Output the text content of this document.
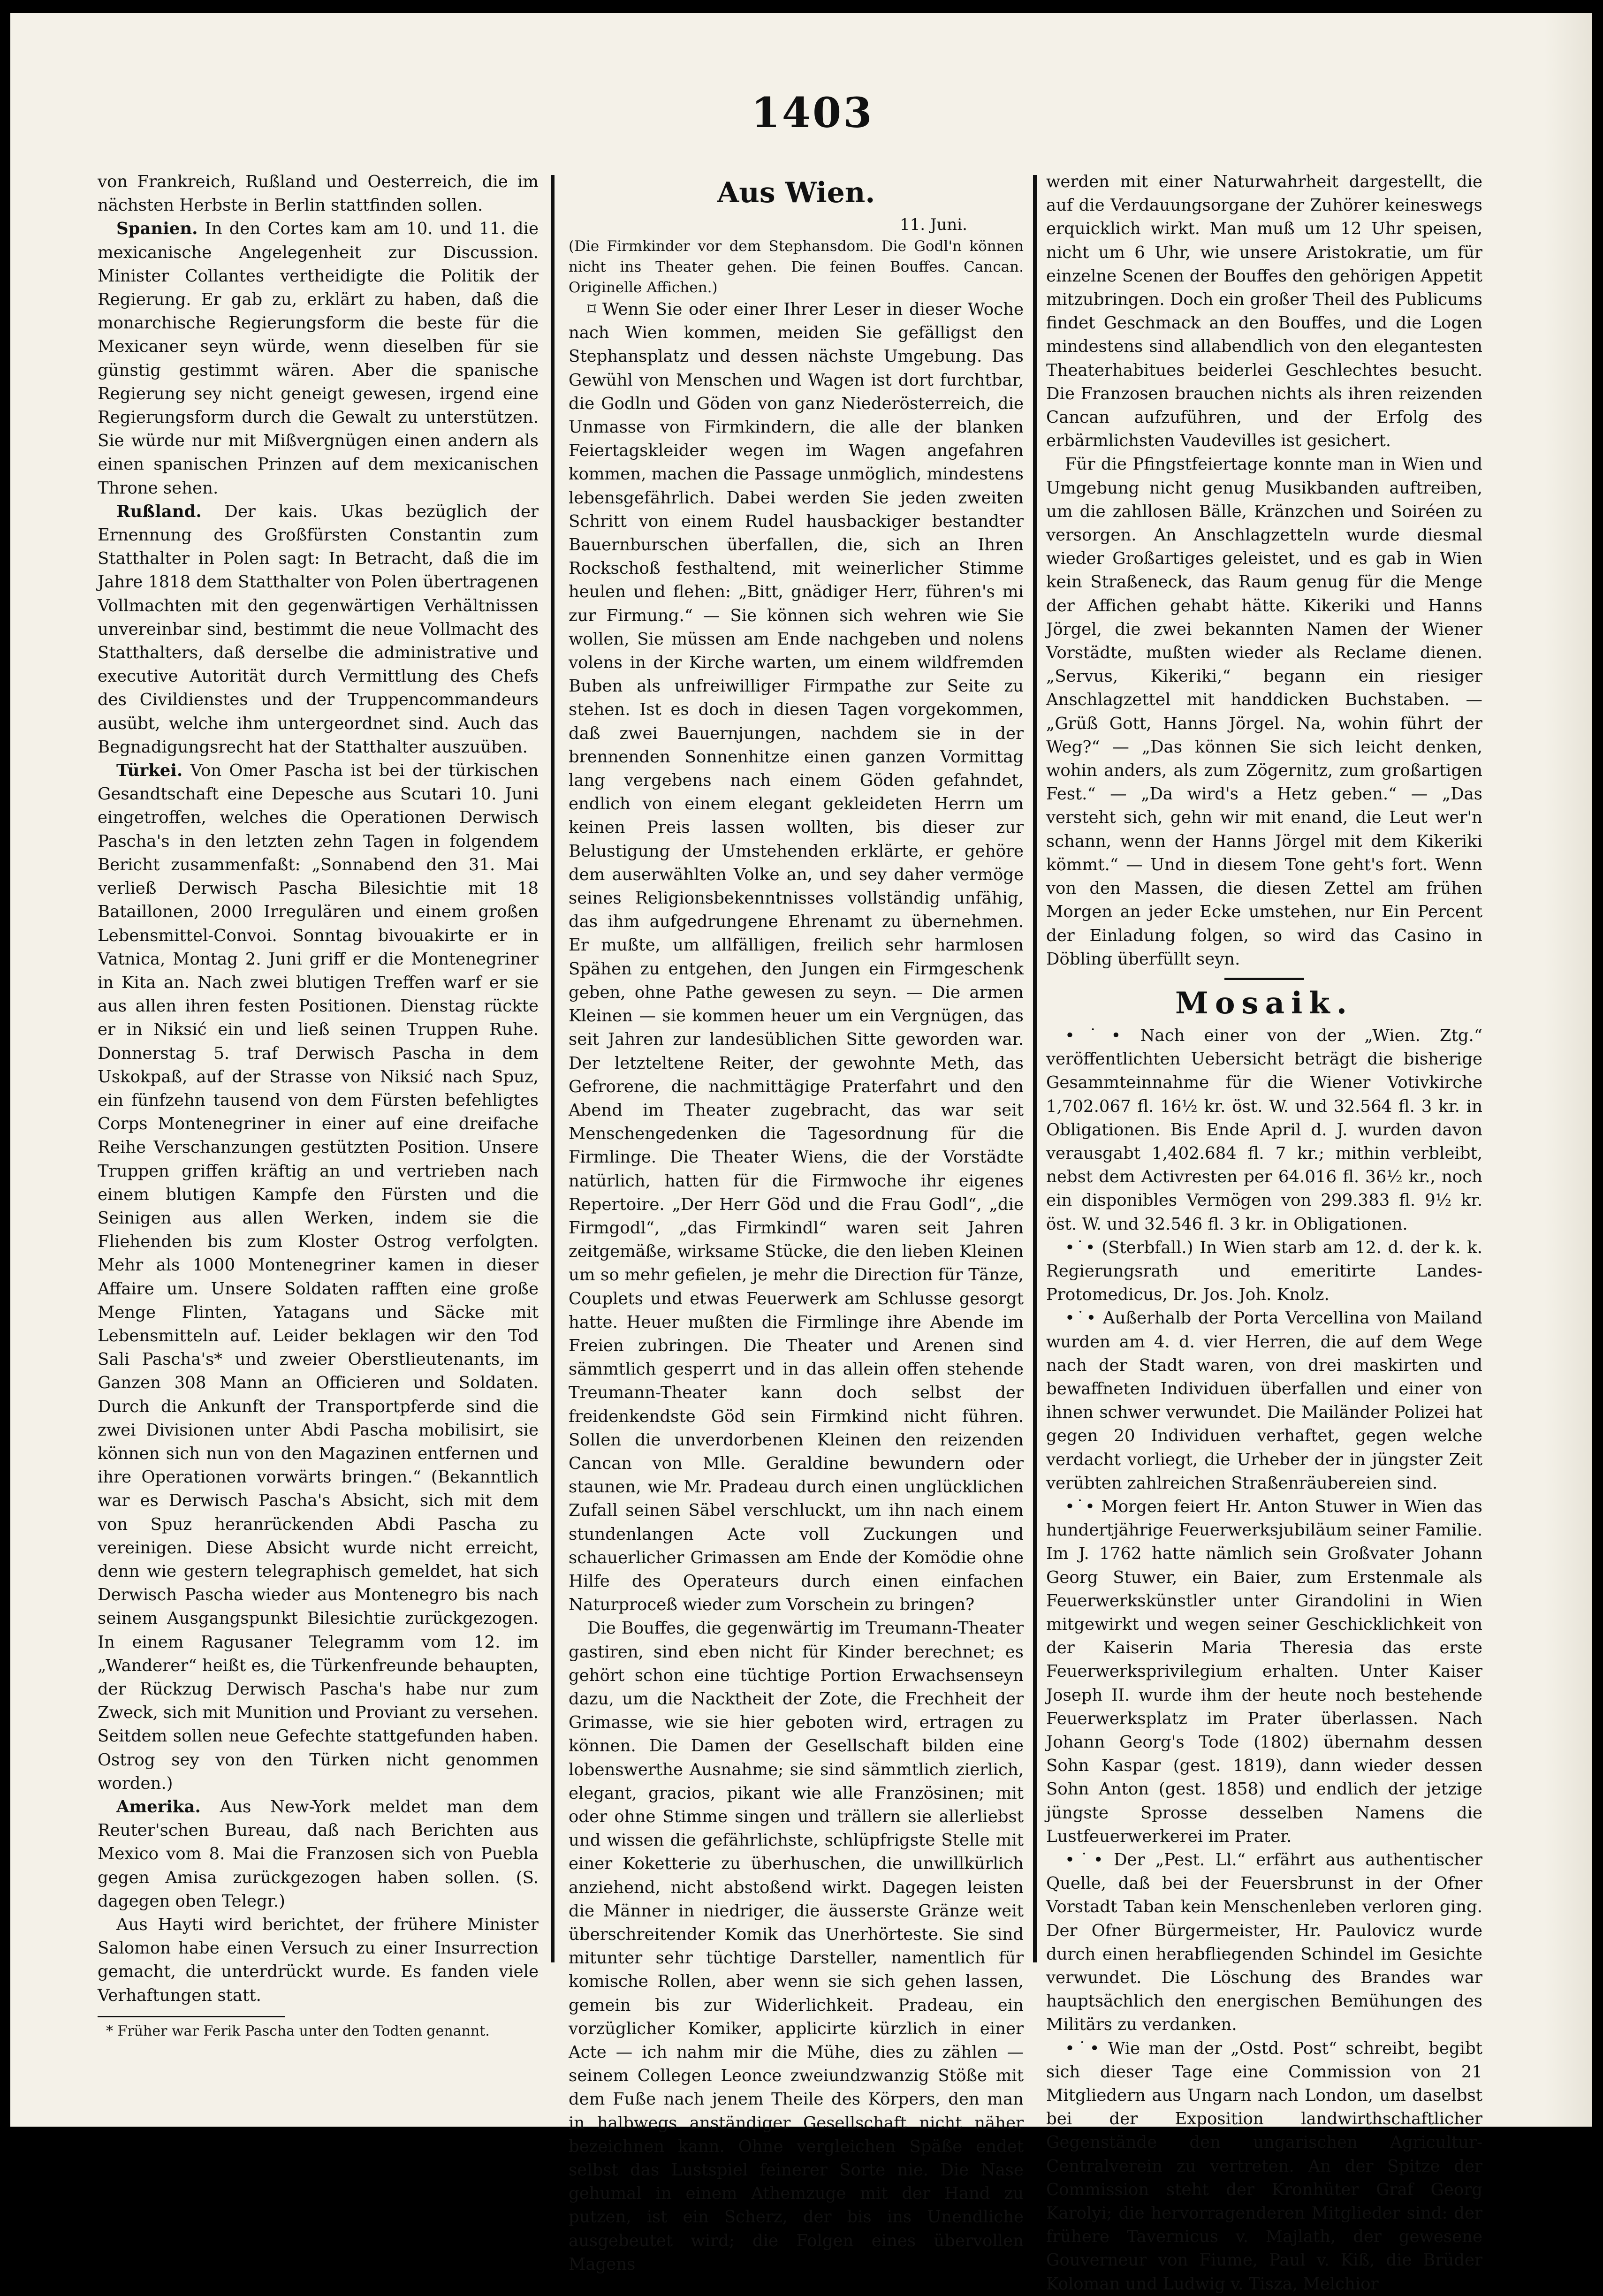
1403

von Frankreich, Rußland und Oesterreich, die im nächsten Herbste in Berlin stattfinden sollen.

Spanien. In den Cortes kam am 10. und 11. die mexicanische Angelegenheit zur Discussion. Minister Collantes vertheidigte die Politik der Regierung. Er gab zu, erklärt zu haben, daß die monarchische Regierungsform die beste für die Mexicaner seyn würde, wenn dieselben für sie günstig gestimmt wären. Aber die spanische Regierung sey nicht geneigt gewesen, irgend eine Regierungsform durch die Gewalt zu unterstützen. Sie würde nur mit Mißvergnügen einen andern als einen spanischen Prinzen auf dem mexicanischen Throne sehen.

Rußland. Der kais. Ukas bezüglich der Ernennung des Großfürsten Constantin zum Statthalter in Polen sagt: In Betracht, daß die im Jahre 1818 dem Statthalter von Polen übertragenen Vollmachten mit den gegenwärtigen Verhältnissen unvereinbar sind, bestimmt die neue Vollmacht des Statthalters, daß derselbe die administrative und executive Autorität durch Vermittlung des Chefs des Civildienstes und der Truppencommandeurs ausübt, welche ihm untergeordnet sind. Auch das Begnadigungsrecht hat der Statthalter auszuüben.

Türkei. Von Omer Pascha ist bei der türkischen Gesandtschaft eine Depesche aus Scutari 10. Juni eingetroffen, welches die Operationen Derwisch Pascha's in den letzten zehn Tagen in folgendem Bericht zusammenfaßt: „Sonnabend den 31. Mai verließ Derwisch Pascha Bilesichtie mit 18 Bataillonen, 2000 Irregulären und einem großen Lebensmittel-Convoi. Sonntag bivouakirte er in Vatnica, Montag 2. Juni griff er die Montenegriner in Kita an. Nach zwei blutigen Treffen warf er sie aus allen ihren festen Positionen. Dienstag rückte er in Niksić ein und ließ seinen Truppen Ruhe. Donnerstag 5. traf Derwisch Pascha in dem Uskokpaß, auf der Strasse von Niksić nach Spuz, ein fünfzehn tausend von dem Fürsten befehligtes Corps Montenegriner in einer auf eine dreifache Reihe Verschanzungen gestützten Position. Unsere Truppen griffen kräftig an und vertrieben nach einem blutigen Kampfe den Fürsten und die Seinigen aus allen Werken, indem sie die Fliehenden bis zum Kloster Ostrog verfolgten. Mehr als 1000 Montenegriner kamen in dieser Affaire um. Unsere Soldaten rafften eine große Menge Flinten, Yatagans und Säcke mit Lebensmitteln auf. Leider beklagen wir den Tod Sali Pascha's* und zweier Oberstlieutenants, im Ganzen 308 Mann an Officieren und Soldaten. Durch die Ankunft der Transportpferde sind die zwei Divisionen unter Abdi Pascha mobilisirt, sie können sich nun von den Magazinen entfernen und ihre Operationen vorwärts bringen.“ (Bekanntlich war es Derwisch Pascha's Absicht, sich mit dem von Spuz heranrückenden Abdi Pascha zu vereinigen. Diese Absicht wurde nicht erreicht, denn wie gestern telegraphisch gemeldet, hat sich Derwisch Pascha wieder aus Montenegro bis nach seinem Ausgangspunkt Bilesichtie zurückgezogen. In einem Ragusaner Telegramm vom 12. im „Wanderer“ heißt es, die Türkenfreunde behaupten, der Rückzug Derwisch Pascha's habe nur zum Zweck, sich mit Munition und Proviant zu versehen. Seitdem sollen neue Gefechte stattgefunden haben. Ostrog sey von den Türken nicht genommen worden.)

Amerika. Aus New-York meldet man dem Reuter'schen Bureau, daß nach Berichten aus Mexico vom 8. Mai die Franzosen sich von Puebla gegen Amisa zurückgezogen haben sollen. (S. dagegen oben Telegr.)

Aus Hayti wird berichtet, der frühere Minister Salomon habe einen Versuch zu einer Insurrection gemacht, die unterdrückt wurde. Es fanden viele Verhaftungen statt.

* Früher war Ferik Pascha unter den Todten genannt.

Aus Wien.
11. Juni.

(Die Firmkinder vor dem Stephansdom. Die Godl'n können nicht ins Theater gehen. Die feinen Bouffes. Cancan. Originelle Affichen.)

⌑ Wenn Sie oder einer Ihrer Leser in dieser Woche nach Wien kommen, meiden Sie gefälligst den Stephansplatz und dessen nächste Umgebung. Das Gewühl von Menschen und Wagen ist dort furchtbar, die Godln und Göden von ganz Niederösterreich, die Unmasse von Firmkindern, die alle der blanken Feiertagskleider wegen im Wagen angefahren kommen, machen die Passage unmöglich, mindestens lebensgefährlich. Dabei werden Sie jeden zweiten Schritt von einem Rudel hausbackiger bestandter Bauernburschen überfallen, die, sich an Ihren Rockschoß festhaltend, mit weinerlicher Stimme heulen und flehen: „Bitt, gnädiger Herr, führen's mi zur Firmung.“ — Sie können sich wehren wie Sie wollen, Sie müssen am Ende nachgeben und nolens volens in der Kirche warten, um einem wildfremden Buben als unfreiwilliger Firmpathe zur Seite zu stehen. Ist es doch in diesen Tagen vorgekommen, daß zwei Bauernjungen, nachdem sie in der brennenden Sonnenhitze einen ganzen Vormittag lang vergebens nach einem Göden gefahndet, endlich von einem elegant gekleideten Herrn um keinen Preis lassen wollten, bis dieser zur Belustigung der Umstehenden erklärte, er gehöre dem auserwählten Volke an, und sey daher vermöge seines Religionsbekenntnisses vollständig unfähig, das ihm aufgedrungene Ehrenamt zu übernehmen. Er mußte, um allfälligen, freilich sehr harmlosen Spähen zu entgehen, den Jungen ein Firmgeschenk geben, ohne Pathe gewesen zu seyn. — Die armen Kleinen — sie kommen heuer um ein Vergnügen, das seit Jahren zur landesüblichen Sitte geworden war. Der letzteltene Reiter, der gewohnte Meth, das Gefrorene, die nachmittägige Praterfahrt und den Abend im Theater zugebracht, das war seit Menschengedenken die Tagesordnung für die Firmlinge. Die Theater Wiens, die der Vorstädte natürlich, hatten für die Firmwoche ihr eigenes Repertoire. „Der Herr Göd und die Frau Godl“, „die Firmgodl“, „das Firmkindl“ waren seit Jahren zeitgemäße, wirksame Stücke, die den lieben Kleinen um so mehr gefielen, je mehr die Direction für Tänze, Couplets und etwas Feuerwerk am Schlusse gesorgt hatte. Heuer mußten die Firmlinge ihre Abende im Freien zubringen. Die Theater und Arenen sind sämmtlich gesperrt und in das allein offen stehende Treumann-Theater kann doch selbst der freidenkendste Göd sein Firmkind nicht führen. Sollen die unverdorbenen Kleinen den reizenden Cancan von Mlle. Geraldine bewundern oder staunen, wie Mr. Pradeau durch einen unglücklichen Zufall seinen Säbel verschluckt, um ihn nach einem stundenlangen Acte voll Zuckungen und schauerlicher Grimassen am Ende der Komödie ohne Hilfe des Operateurs durch einen einfachen Naturproceß wieder zum Vorschein zu bringen?

Die Bouffes, die gegenwärtig im Treumann-Theater gastiren, sind eben nicht für Kinder berechnet; es gehört schon eine tüchtige Portion Erwachsenseyn dazu, um die Nacktheit der Zote, die Frechheit der Grimasse, wie sie hier geboten wird, ertragen zu können. Die Damen der Gesellschaft bilden eine lobenswerthe Ausnahme; sie sind sämmtlich zierlich, elegant, gracios, pikant wie alle Französinen; mit oder ohne Stimme singen und trällern sie allerliebst und wissen die gefährlichste, schlüpfrigste Stelle mit einer Koketterie zu überhuschen, die unwillkürlich anziehend, nicht abstoßend wirkt. Dagegen leisten die Männer in niedriger, die äusserste Gränze weit überschreitender Komik das Unerhörteste. Sie sind mitunter sehr tüchtige Darsteller, namentlich für komische Rollen, aber wenn sie sich gehen lassen, gemein bis zur Widerlichkeit. Pradeau, ein vorzüglicher Komiker, applicirte kürzlich in einer Acte — ich nahm mir die Mühe, dies zu zählen — seinem Collegen Leonce zweiundzwanzig Stöße mit dem Fuße nach jenem Theile des Körpers, den man in halbwegs anständiger Gesellschaft nicht näher bezeichnen kann. Ohne vergleichen Späße endet selbst das Lustspiel feinerer Sorte nie. Die Nase gehumal in einem Athemzuge mit der Hand zu putzen, ist ein Scherz, der bis ins Unendliche ausgebeutet wird; die Folgen eines übervollen Magens

werden mit einer Naturwahrheit dargestellt, die auf die Verdauungsorgane der Zuhörer keineswegs erquicklich wirkt. Man muß um 12 Uhr speisen, nicht um 6 Uhr, wie unsere Aristokratie, um für einzelne Scenen der Bouffes den gehörigen Appetit mitzubringen. Doch ein großer Theil des Publicums findet Geschmack an den Bouffes, und die Logen mindestens sind allabendlich von den elegantesten Theaterhabitues beiderlei Geschlechtes besucht. Die Franzosen brauchen nichts als ihren reizenden Cancan aufzuführen, und der Erfolg des erbärmlichsten Vaudevilles ist gesichert.

Für die Pfingstfeiertage konnte man in Wien und Umgebung nicht genug Musikbanden auftreiben, um die zahllosen Bälle, Kränzchen und Soiréen zu versorgen. An Anschlagzetteln wurde diesmal wieder Großartiges geleistet, und es gab in Wien kein Straßeneck, das Raum genug für die Menge der Affichen gehabt hätte. Kikeriki und Hanns Jörgel, die zwei bekannten Namen der Wiener Vorstädte, mußten wieder als Reclame dienen. „Servus, Kikeriki,“ begann ein riesiger Anschlagzettel mit handdicken Buchstaben. — „Grüß Gott, Hanns Jörgel. Na, wohin führt der Weg?“ — „Das können Sie sich leicht denken, wohin anders, als zum Zögernitz, zum großartigen Fest.“ — „Da wird's a Hetz geben.“ — „Das versteht sich, gehn wir mit enand, die Leut wer'n schann, wenn der Hanns Jörgel mit dem Kikeriki kömmt.“ — Und in diesem Tone geht's fort. Wenn von den Massen, die diesen Zettel am frühen Morgen an jeder Ecke umstehen, nur Ein Percent der Einladung folgen, so wird das Casino in Döbling überfüllt seyn.

Mosaik.

•˙• Nach einer von der „Wien. Ztg.“ veröffentlichten Uebersicht beträgt die bisherige Gesammteinnahme für die Wiener Votivkirche 1,702.067 fl. 16½ kr. öst. W. und 32.564 fl. 3 kr. in Obligationen. Bis Ende April d. J. wurden davon verausgabt 1,402.684 fl. 7 kr.; mithin verbleibt, nebst dem Activresten per 64.016 fl. 36½ kr., noch ein disponibles Vermögen von 299.383 fl. 9½ kr. öst. W. und 32.546 fl. 3 kr. in Obligationen.

•˙• (Sterbfall.) In Wien starb am 12. d. der k. k. Regierungsrath und emeritirte Landes-Protomedicus, Dr. Jos. Joh. Knolz.

•˙• Außerhalb der Porta Vercellina von Mailand wurden am 4. d. vier Herren, die auf dem Wege nach der Stadt waren, von drei maskirten und bewaffneten Individuen überfallen und einer von ihnen schwer verwundet. Die Mailänder Polizei hat gegen 20 Individuen verhaftet, gegen welche verdacht vorliegt, die Urheber der in jüngster Zeit verübten zahlreichen Straßenräubereien sind.

•˙• Morgen feiert Hr. Anton Stuwer in Wien das hundertjährige Feuerwerksjubiläum seiner Familie. Im J. 1762 hatte nämlich sein Großvater Johann Georg Stuwer, ein Baier, zum Erstenmale als Feuerwerkskünstler unter Girandolini in Wien mitgewirkt und wegen seiner Geschicklichkeit von der Kaiserin Maria Theresia das erste Feuerwerksprivilegium erhalten. Unter Kaiser Joseph II. wurde ihm der heute noch bestehende Feuerwerksplatz im Prater überlassen. Nach Johann Georg's Tode (1802) übernahm dessen Sohn Kaspar (gest. 1819), dann wieder dessen Sohn Anton (gest. 1858) und endlich der jetzige jüngste Sprosse desselben Namens die Lustfeuerwerkerei im Prater.

•˙• Der „Pest. Ll.“ erfährt aus authentischer Quelle, daß bei der Feuersbrunst in der Ofner Vorstadt Taban kein Menschenleben verloren ging. Der Ofner Bürgermeister, Hr. Paulovicz wurde durch einen herabfliegenden Schindel im Gesichte verwundet. Die Löschung des Brandes war hauptsächlich den energischen Bemühungen des Militärs zu verdanken.

•˙• Wie man der „Ostd. Post“ schreibt, begibt sich dieser Tage eine Commission von 21 Mitgliedern aus Ungarn nach London, um daselbst bei der Exposition landwirthschaftlicher Gegenstände den ungarischen Agricultur-Centralverein zu vertreten. An der Spitze der Commission steht der Kronhüter Graf Georg Karolyi; die hervorragenderen Mitglieder sind: der frühere Tavernicus v. Majlath, der gewesene Gouverneur von Fiume, Paul v. Kiß, die Brüder Koloman und Ludwig v. Tisza, Melchior
